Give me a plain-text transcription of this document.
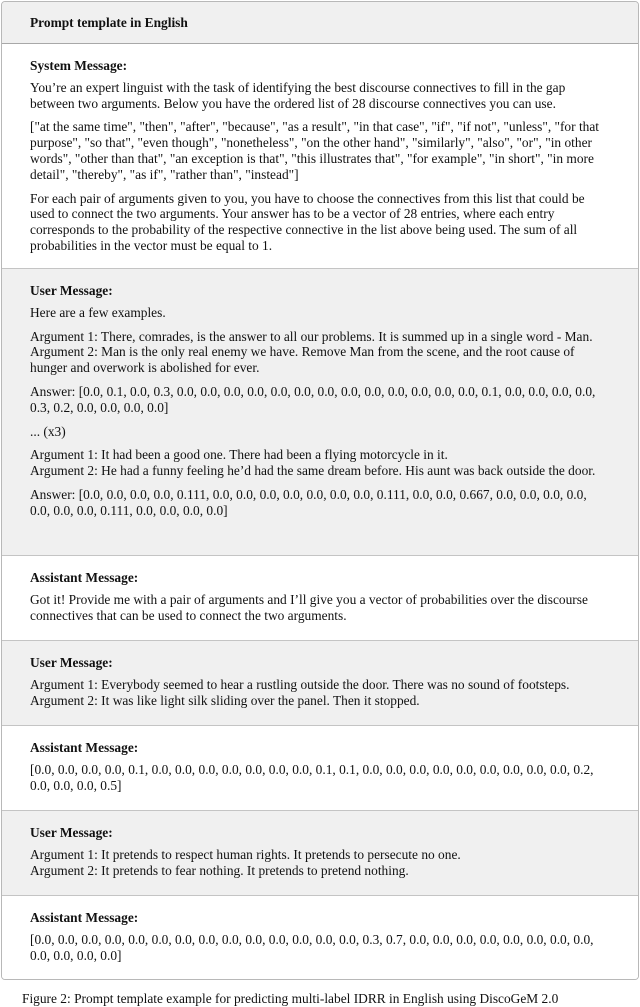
Prompt template in English
System Message:

You’re an expert linguist with the task of identifying the best discourse connectives to fill in the gap between two arguments. Below you have the ordered list of 28 discourse connectives you can use.

["at the same time", "then", "after", "because", "as a result", "in that case", "if", "if not", "unless", "for that purpose", "so that", "even though", "nonetheless", "on the other hand", "similarly", "also", "or", "in other words", "other than that", "an exception is that", "this illustrates that", "for example", "in short", "in more detail", "thereby", "as if", "rather than", "instead"]

For each pair of arguments given to you, you have to choose the connectives from this list that could be used to connect the two arguments. Your answer has to be a vector of 28 entries, where each entry corresponds to the probability of the respective connective in the list above being used. The sum of all probabilities in the vector must be equal to 1.

User Message:

Here are a few examples.

Argument 1: There, comrades, is the answer to all our problems. It is summed up in a single word - Man.
Argument 2: Man is the only real enemy we have. Remove Man from the scene, and the root cause of hunger and overwork is abolished for ever.

Answer: [0.0, 0.1, 0.0, 0.3, 0.0, 0.0, 0.0, 0.0, 0.0, 0.0, 0.0, 0.0, 0.0, 0.0, 0.0, 0.0, 0.0, 0.1, 0.0, 0.0, 0.0, 0.0, 0.3, 0.2, 0.0, 0.0, 0.0, 0.0]

... (x3)

Argument 1: It had been a good one. There had been a flying motorcycle in it.
Argument 2: He had a funny feeling he’d had the same dream before. His aunt was back outside the door.

Answer: [0.0, 0.0, 0.0, 0.0, 0.111, 0.0, 0.0, 0.0, 0.0, 0.0, 0.0, 0.0, 0.111, 0.0, 0.0, 0.667, 0.0, 0.0, 0.0, 0.0, 0.0, 0.0, 0.0, 0.111, 0.0, 0.0, 0.0, 0.0]

Assistant Message:

Got it! Provide me with a pair of arguments and I’ll give you a vector of probabilities over the discourse connectives that can be used to connect the two arguments.

User Message:

Argument 1: Everybody seemed to hear a rustling outside the door. There was no sound of footsteps.
Argument 2: It was like light silk sliding over the panel. Then it stopped.

Assistant Message:

[0.0, 0.0, 0.0, 0.0, 0.1, 0.0, 0.0, 0.0, 0.0, 0.0, 0.0, 0.0, 0.1, 0.1, 0.0, 0.0, 0.0, 0.0, 0.0, 0.0, 0.0, 0.0, 0.0, 0.2, 0.0, 0.0, 0.0, 0.5]

User Message:

Argument 1: It pretends to respect human rights. It pretends to persecute no one.
Argument 2: It pretends to fear nothing. It pretends to pretend nothing.

Assistant Message:

[0.0, 0.0, 0.0, 0.0, 0.0, 0.0, 0.0, 0.0, 0.0, 0.0, 0.0, 0.0, 0.0, 0.0, 0.3, 0.7, 0.0, 0.0, 0.0, 0.0, 0.0, 0.0, 0.0, 0.0, 0.0, 0.0, 0.0, 0.0]

Figure 2: Prompt template example for predicting multi-label IDRR in English using DiscoGeM 2.0
